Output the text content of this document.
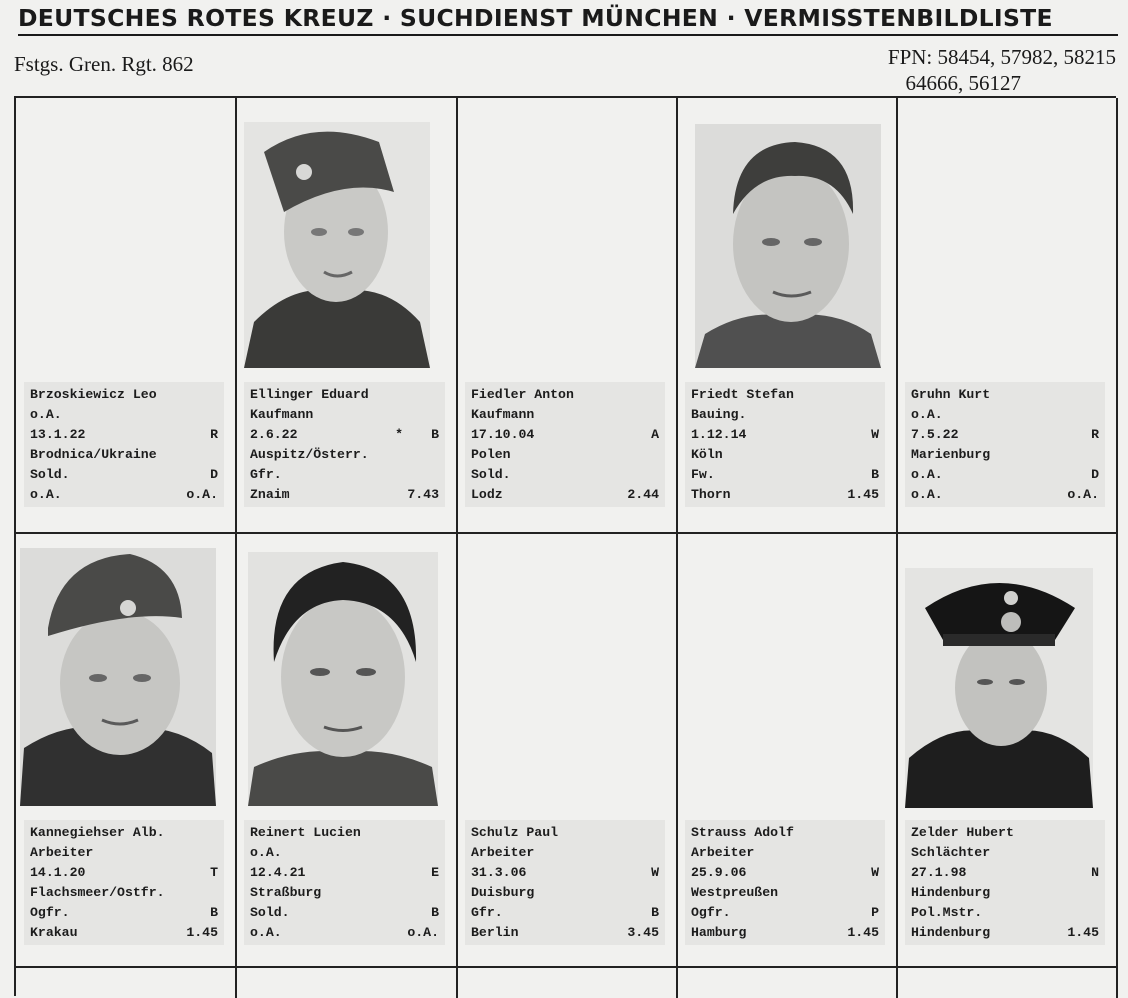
DEUTSCHES ROTES KREUZ · SUCHDIENST MÜNCHEN · VERMISSTENBILDLISTE
Fstgs. Gren. Rgt. 862	FPN: 58454, 57982, 58215
64666, 56127
Brzoskiewicz Leo
o.A.
13.1.22	R
Brodnica/Ukraine
Sold.	D
o.A.	o.A.
Ellinger Eduard
Kaufmann
2.6.22	* B
Auspitz/Österr.
Gfr.
Znaim	7.43
Fiedler Anton
Kaufmann
17.10.04	A
Polen
Sold.
Lodz	2.44
Friedt Stefan
Bauing.
1.12.14	W
Köln
Fw.	B
Thorn	1.45
Gruhn Kurt
o.A.
7.5.22	R
Marienburg
o.A.	D
o.A.	o.A.
Kannegiehser Alb.
Arbeiter
14.1.20	T
Flachsmeer/Ostfr.
Ogfr.	B
Krakau	1.45
Reinert Lucien
o.A.
12.4.21	E
Straßburg
Sold.	B
o.A.	o.A.
Schulz Paul
Arbeiter
31.3.06	W
Duisburg
Gfr.	B
Berlin	3.45
Strauss Adolf
Arbeiter
25.9.06	W
Westpreußen
Ogfr.	P
Hamburg	1.45
Zelder Hubert
Schlächter
27.1.98	N
Hindenburg
Pol.Mstr.
Hindenburg	1.45
